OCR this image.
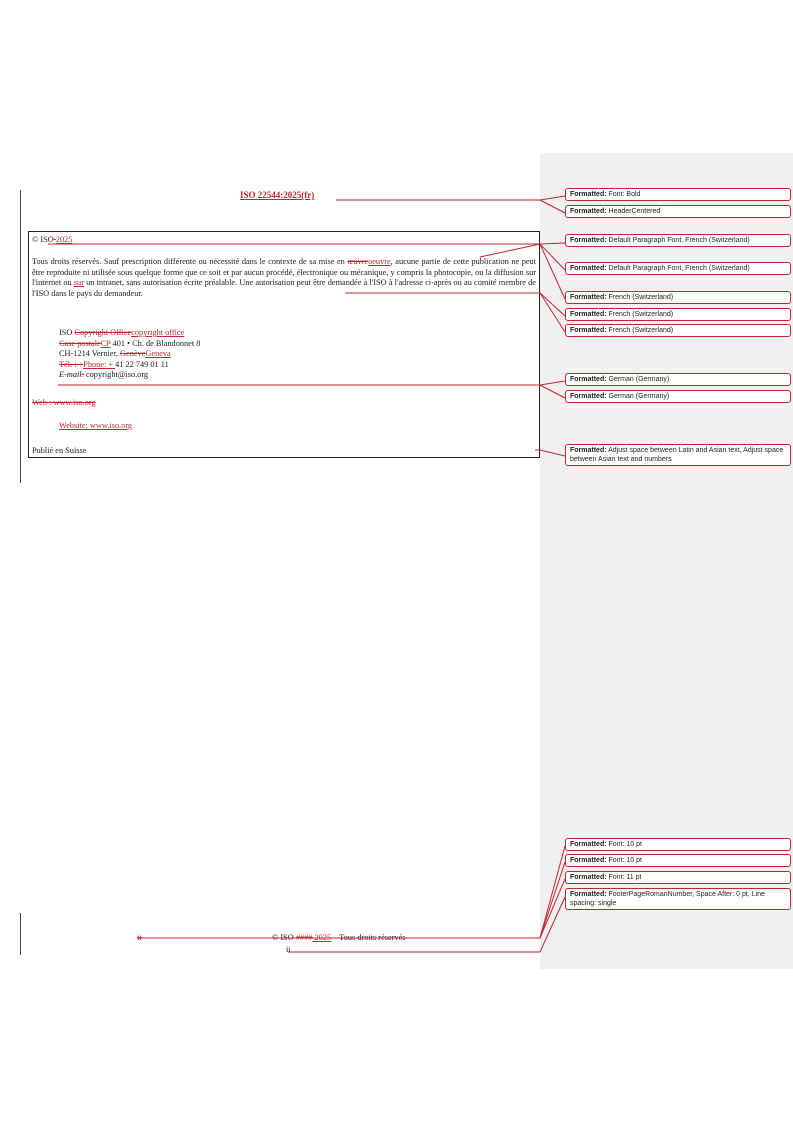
ISO 22544:2025(fr)
© ISO 2025
Tous droits réservés. Sauf prescription différente ou nécessité dans le contexte de sa mise en œuvreoeuvre, aucune partie de cette publication ne peut être reproduite ni utilisée sous quelque forme que ce soit et par aucun procédé, électronique ou mécanique, y compris la photocopie, ou la diffusion sur l'internet ou sur un intranet, sans autorisation écrite préalable. Une autorisation peut être demandée à l'ISO à l'adresse ci-après ou au comité membre de l'ISO dans le pays du demandeur.
ISO Copyright Officecopyright office
Case postaleCP 401 • Ch. de Blandonnet 8
CH-1214 Vernier, GenèveGeneva
Tél. : +Phone: + 41 22 749 01 11
E-mail: copyright@iso.org
Web : www.iso.org
Website: www.iso.org
Publié en Suisse
ii	© ISO #### 2025 – Tous droits réservés
ii
Formatted: Font: Bold
Formatted: HeaderCentered
Formatted: Default Paragraph Font, French (Switzerland)
Formatted: Default Paragraph Font, French (Switzerland)
Formatted: French (Switzerland)
Formatted: French (Switzerland)
Formatted: French (Switzerland)
Formatted: German (Germany)
Formatted: German (Germany)
Formatted: Adjust space between Latin and Asian text, Adjust space between Asian text and numbers
Formatted: Font: 10 pt
Formatted: Font: 10 pt
Formatted: Font: 11 pt
Formatted: FooterPageRomanNumber, Space After: 0 pt, Line spacing: single
